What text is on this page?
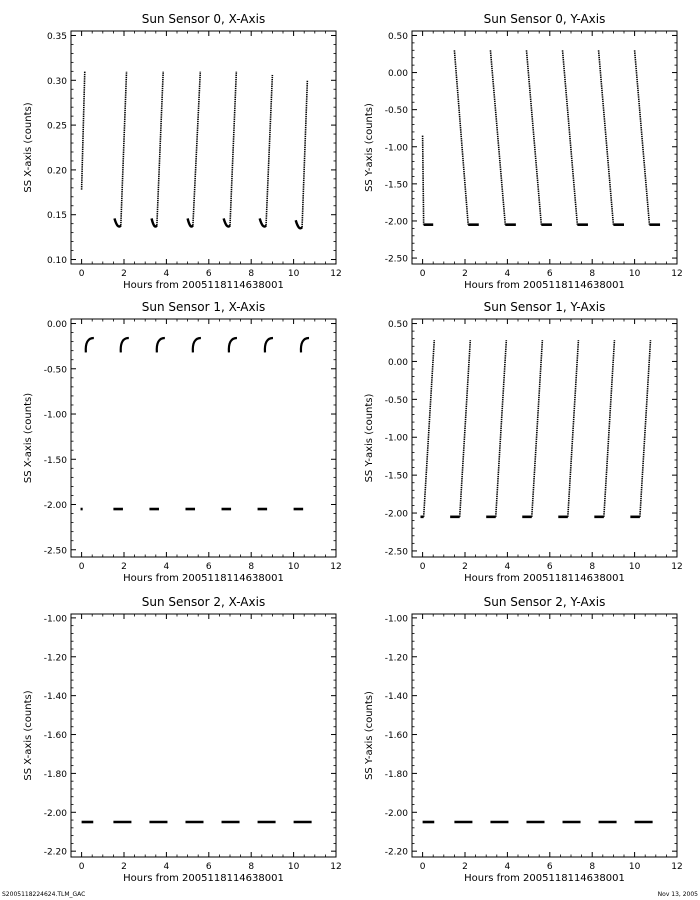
Sun Sensor 0, X-Axis
0	2	4	6	8	10	12
0.10
0.15
0.20
0.25
0.30
0.35
Hours from 2005118114638001
SS X-axis (counts)
Sun Sensor 0, Y-Axis
0	2	4	6	8	10	12
-2.50
-2.00
-1.50
-1.00
-0.50
0.00
0.50
Hours from 2005118114638001
SS Y-axis (counts)
Sun Sensor 1, X-Axis
0	2	4	6	8	10	12
-2.50
-2.00
-1.50
-1.00
-0.50
0.00
Hours from 2005118114638001
SS X-axis (counts)
Sun Sensor 1, Y-Axis
0	2	4	6	8	10	12
-2.50
-2.00
-1.50
-1.00
-0.50
0.00
0.50
Hours from 2005118114638001
SS Y-axis (counts)
Sun Sensor 2, X-Axis
0	2	4	6	8	10	12
-2.20
-2.00
-1.80
-1.60
-1.40
-1.20
-1.00
Hours from 2005118114638001
SS X-axis (counts)
Sun Sensor 2, Y-Axis
0	2	4	6	8	10	12
-2.20
-2.00
-1.80
-1.60
-1.40
-1.20
-1.00
Hours from 2005118114638001
SS Y-axis (counts)
S2005118224624.TLM_GAC	Nov 13, 2005
